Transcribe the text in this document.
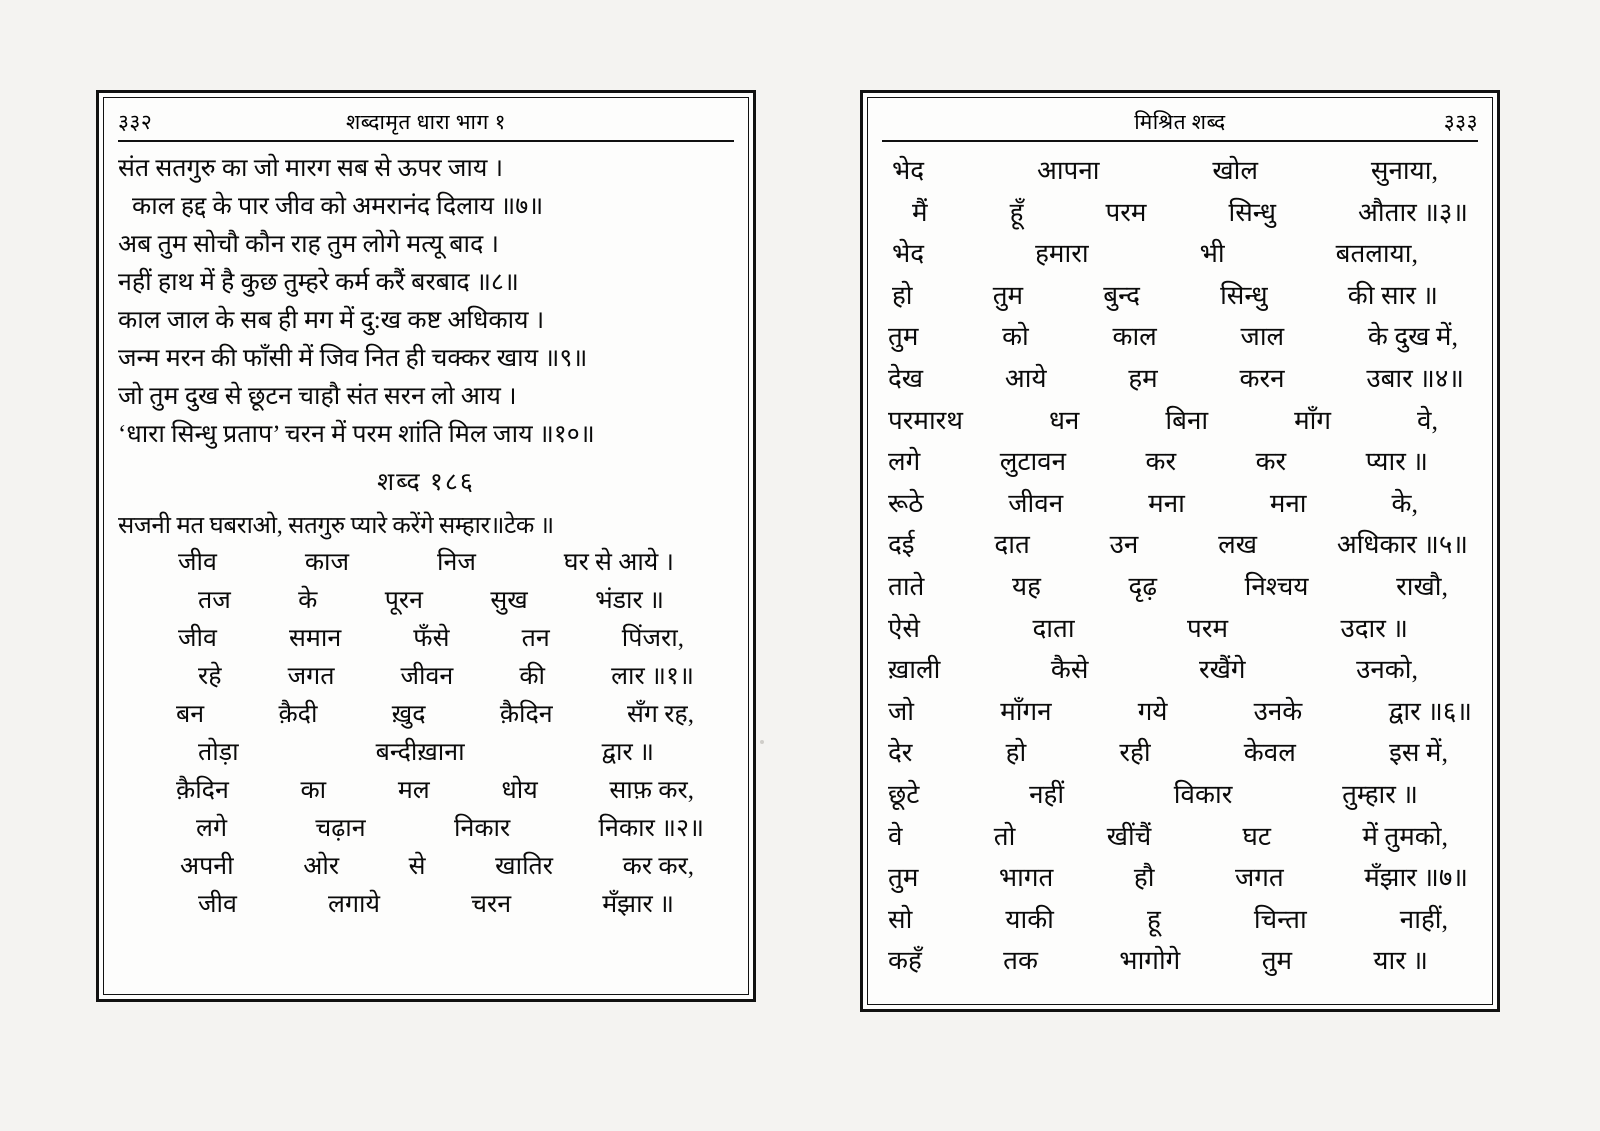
३३२	शब्दामृत धारा भाग १
संत सतगुरु का जो मारग सब से ऊपर जाय ।
काल हद्द के पार जीव को अमरानंद दिलाय ॥७॥
अब तुम सोचौ कौन राह तुम लोगे मत्यू बाद ।
नहीं हाथ में है कुछ तुम्हरे कर्म करैं बरबाद ॥८॥
काल जाल के सब ही मग में दु:ख कष्ट अधिकाय ।
जन्म मरन की फाँसी में जिव नित ही चक्कर खाय ॥९॥
जो तुम दुख से छूटन चाहौ संत सरन लो आय ।
‘धारा सिन्धु प्रताप’ चरन में परम शांति मिल जाय ॥१०॥
शब्द १८६
सजनी मत घबराओ, सतगुरु प्यारे करेंगे सम्हार॥टेक ॥
जीव	काज	निज	घर से आये ।
तज	के	पूरन	सुख	भंडार ॥
जीव	समान	फँसे	तन	पिंजरा,
रहे	जगत	जीवन	की	लार ॥१॥
बन	क़ैदी	ख़ुद	क़ैदिन	सँग रह,
तोड़ा	बन्दीख़ाना	द्वार ॥
क़ैदिन	का	मल	धोय	साफ़ कर,
लगे	चढ़ान	निकार	निकार ॥२॥
अपनी	ओर	से	खातिर	कर कर,
जीव	लगाये	चरन	मँझार ॥
मिश्रित शब्द	३३३
भेद	आपना	खोल	सुनाया,
मैं	हूँ	परम	सिन्धु	औतार ॥३॥
भेद	हमारा	भी	बतलाया,
हो	तुम	बुन्द	सिन्धु	की सार ॥
तुम	को	काल	जाल	के दुख में,
देख	आये	हम	करन	उबार ॥४॥
परमारथ	धन	बिना	माँग	वे,
लगे	लुटावन	कर	कर	प्यार ॥
रूठे	जीवन	मना	मना	के,
दई	दात	उन	लख	अधिकार ॥५॥
ताते	यह	दृढ़	निश्चय	राखौ,
ऐसे	दाता	परम	उदार ॥
ख़ाली	कैसे	रखैंगे	उनको,
जो	माँगन	गये	उनके	द्वार ॥६॥
देर	हो	रही	केवल	इस में,
छूटे	नहीं	विकार	तुम्हार ॥
वे	तो	खींचैं	घट	में तुमको,
तुम	भागत	हौ	जगत	मँझार ॥७॥
सो	याकी	हू	चिन्ता	नाहीं,
कहँ	तक	भागोगे	तुम	यार ॥
